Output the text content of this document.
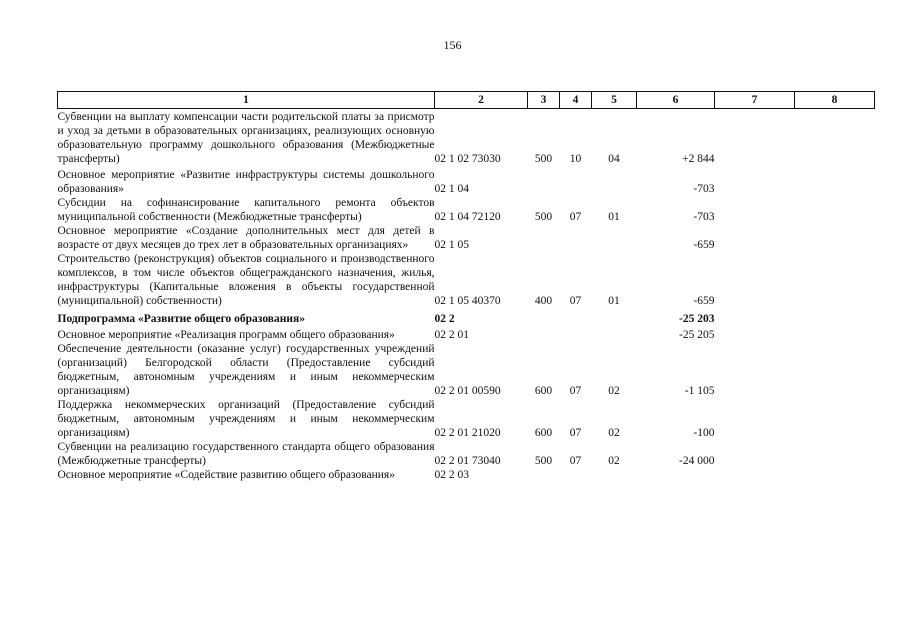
156
1	2	3	4	5	6	7	8
Субвенции на выплату компенсации части родительской платы за присмотр и уход за детьми в образовательных организациях, реализующих основную образовательную программу дошкольного образования (Межбюджетные трансферты)	02 1 02 73030	500	10	04	+2 844		
Основное мероприятие «Развитие инфраструктуры системы дошкольного образования»	02 1 04				-703		
Субсидии на софинансирование капитального ремонта объектов муниципальной собственности (Межбюджетные трансферты)	02 1 04 72120	500	07	01	-703		
Основное мероприятие «Создание дополнительных мест для детей в возрасте от двух месяцев до трех лет в образовательных организациях»	02 1 05				-659		
Строительство (реконструкция) объектов социального и производственного комплексов, в том числе объектов общегражданского назначения, жилья, инфраструктуры (Капитальные вложения в объекты государственной (муниципальной) собственности)	02 1 05 40370	400	07	01	-659		
Подпрограмма «Развитие общего образования»	02 2				-25 203		
Основное мероприятие «Реализация программ общего образования»	02 2 01				-25 205		
Обеспечение деятельности (оказание услуг) государственных учреждений (организаций) Белгородской области (Предоставление субсидий бюджетным, автономным учреждениям и иным некоммерческим организациям)	02 2 01 00590	600	07	02	-1 105		
Поддержка некоммерческих организаций (Предоставление субсидий бюджетным, автономным учреждениям и иным некоммерческим организациям)	02 2 01 21020	600	07	02	-100		
Субвенции на реализацию государственного стандарта общего образования (Межбюджетные трансферты)	02 2 01 73040	500	07	02	-24 000		
Основное мероприятие «Содействие развитию общего образования»	02 2 03						
